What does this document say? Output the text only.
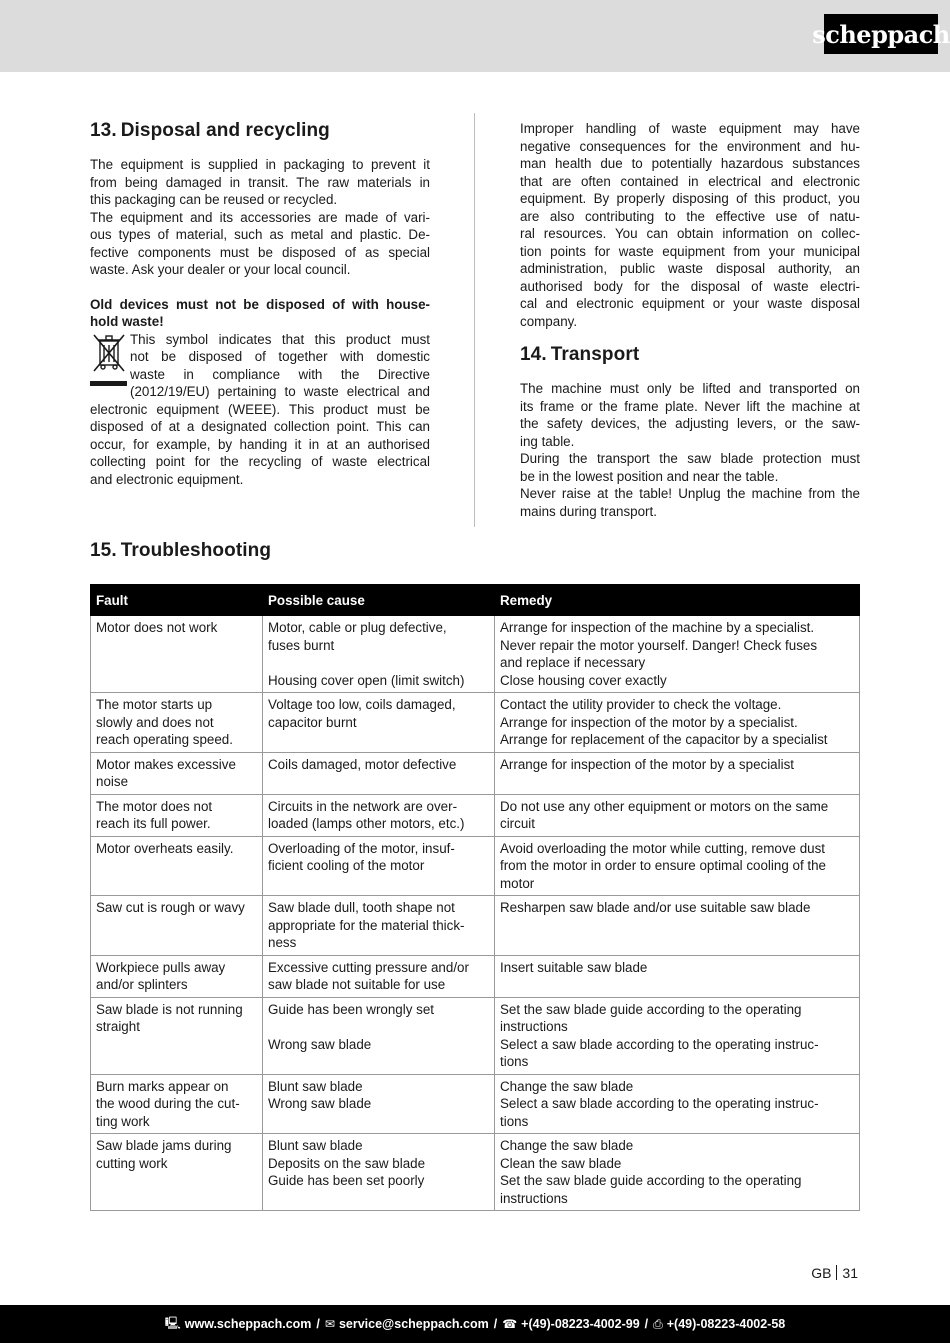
scheppach
13. Disposal and recycling

The equipment is supplied in packaging to prevent it
from being damaged in transit. The raw materials in
this packaging can be reused or recycled.
The equipment and its accessories are made of vari-
ous types of material, such as metal and plastic. De-
fective components must be disposed of as special
waste. Ask your dealer or your local council.

Old devices must not be disposed of with house-
hold waste!

This symbol indicates that this product must
not be disposed of together with domestic
waste in compliance with the Directive
(2012/19/EU) pertaining to waste electrical and
electronic equipment (WEEE). This product must be
disposed of at a designated collection point. This can
occur, for example, by handing it in at an authorised
collecting point for the recycling of waste electrical
and electronic equipment.

Improper handling of waste equipment may have
negative consequences for the environment and hu-
man health due to potentially hazardous substances
that are often contained in electrical and electronic
equipment. By properly disposing of this product, you
are also contributing to the effective use of natu-
ral resources. You can obtain information on collec-
tion points for waste equipment from your municipal
administration, public waste disposal authority, an
authorised body for the disposal of waste electri-
cal and electronic equipment or your waste disposal
company.

14. Transport

The machine must only be lifted and transported on
its frame or the frame plate. Never lift the machine at
the safety devices, the adjusting levers, or the saw-
ing table.
During the transport the saw blade protection must
be in the lowest position and near the table.
Never raise at the table! Unplug the machine from the
mains during transport.

15. Troubleshooting
Fault	Possible cause	Remedy

Motor does not work	Motor, cable or plug defective,
fuses burnt
Housing cover open (limit switch)	Arrange for inspection of the machine by a specialist.
Never repair the motor yourself. Danger! Check fuses
and replace if necessary
Close housing cover exactly

The motor starts up
slowly and does not
reach operating speed.	Voltage too low, coils damaged,
capacitor burnt	Contact the utility provider to check the voltage.
Arrange for inspection of the motor by a specialist.
Arrange for replacement of the capacitor by a specialist

Motor makes excessive
noise	Coils damaged, motor defective	Arrange for inspection of the motor by a specialist

The motor does not
reach its full power.	Circuits in the network are over-
loaded (lamps other motors, etc.)	Do not use any other equipment or motors on the same
circuit

Motor overheats easily.	Overloading of the motor, insuf-
ficient cooling of the motor	Avoid overloading the motor while cutting, remove dust
from the motor in order to ensure optimal cooling of the
motor

Saw cut is rough or wavy	Saw blade dull, tooth shape not
appropriate for the material thick-
ness	Resharpen saw blade and/or use suitable saw blade

Workpiece pulls away
and/or splinters	Excessive cutting pressure and/or
saw blade not suitable for use	Insert suitable saw blade

Saw blade is not running
straight	Guide has been wrongly set
Wrong saw blade	Set the saw blade guide according to the operating
instructions
Select a saw blade according to the operating instruc-
tions

Burn marks appear on
the wood during the cut-
ting work	Blunt saw blade
Wrong saw blade	Change the saw blade
Select a saw blade according to the operating instruc-
tions

Saw blade jams during
cutting work	Blunt saw blade
Deposits on the saw blade
Guide has been set poorly	Change the saw blade
Clean the saw blade
Set the saw blade guide according to the operating
instructions
GB 31
🖳 www.scheppach.com / ✉ service@scheppach.com / ☎ +(49)-08223-4002-99 / ⎙ +(49)-08223-4002-58
